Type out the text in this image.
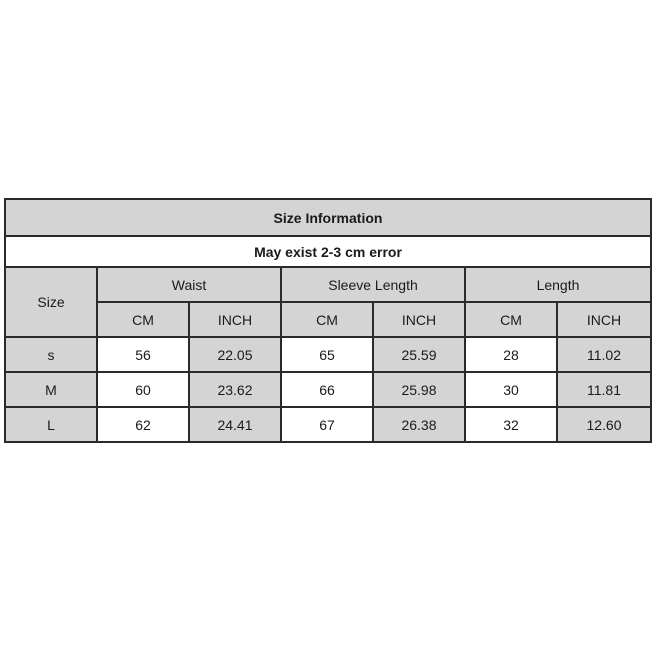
Size Information						
May exist 2-3 cm error						
Size	Waist		Sleeve Length		Length	
	CM	INCH	CM	INCH	CM	INCH
s	56	22.05	65	25.59	28	11.02
M	60	23.62	66	25.98	30	11.81
L	62	24.41	67	26.38	32	12.60
